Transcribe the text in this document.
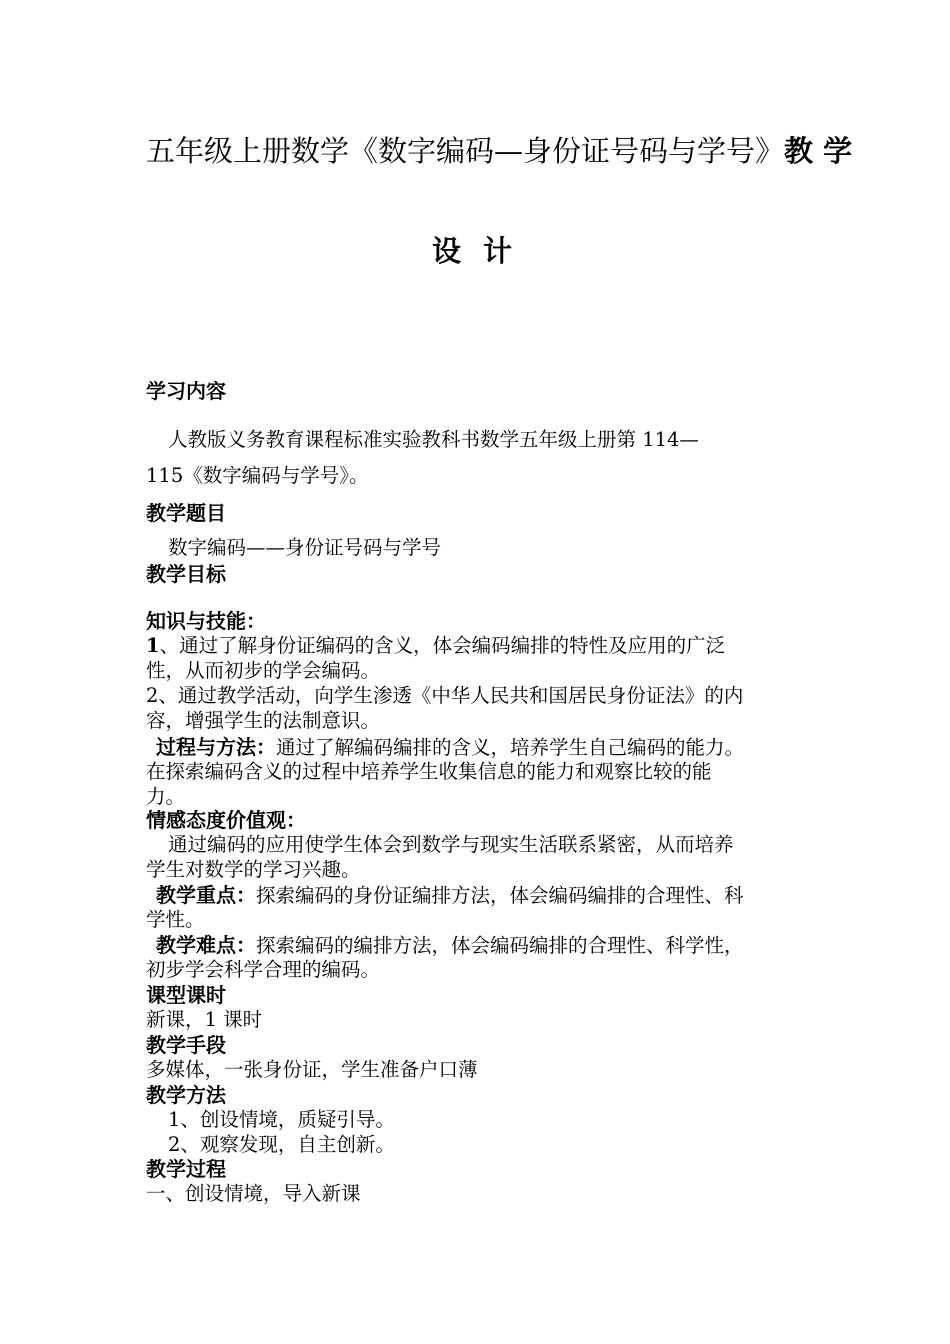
五年级上册数学《数字编码—身份证号码与学号》教 学
设 计
学习内容
人教版义务教育课程标准实验教科书数学五年级上册第 114—
115《数字编码与学号》。
教学题目
数字编码——身份证号码与学号
教学目标
知识与技能：
1、通过了解身份证编码的含义，体会编码编排的特性及应用的广泛
性，从而初步的学会编码。
2、通过教学活动，向学生渗透《中华人民共和国居民身份证法》的内
容，增强学生的法制意识。
过程与方法：通过了解编码编排的含义，培养学生自己编码的能力。
在探索编码含义的过程中培养学生收集信息的能力和观察比较的能
力。
情感态度价值观：
通过编码的应用使学生体会到数学与现实生活联系紧密，从而培养
学生对数学的学习兴趣。
教学重点：探索编码的身份证编排方法，体会编码编排的合理性、科
学性。
教学难点：探索编码的编排方法，体会编码编排的合理性、科学性，
初步学会科学合理的编码。
课型课时
新课，1 课时
教学手段
多媒体，一张身份证，学生准备户口薄
教学方法
1、创设情境，质疑引导。
2、观察发现，自主创新。
教学过程
一、创设情境，导入新课
